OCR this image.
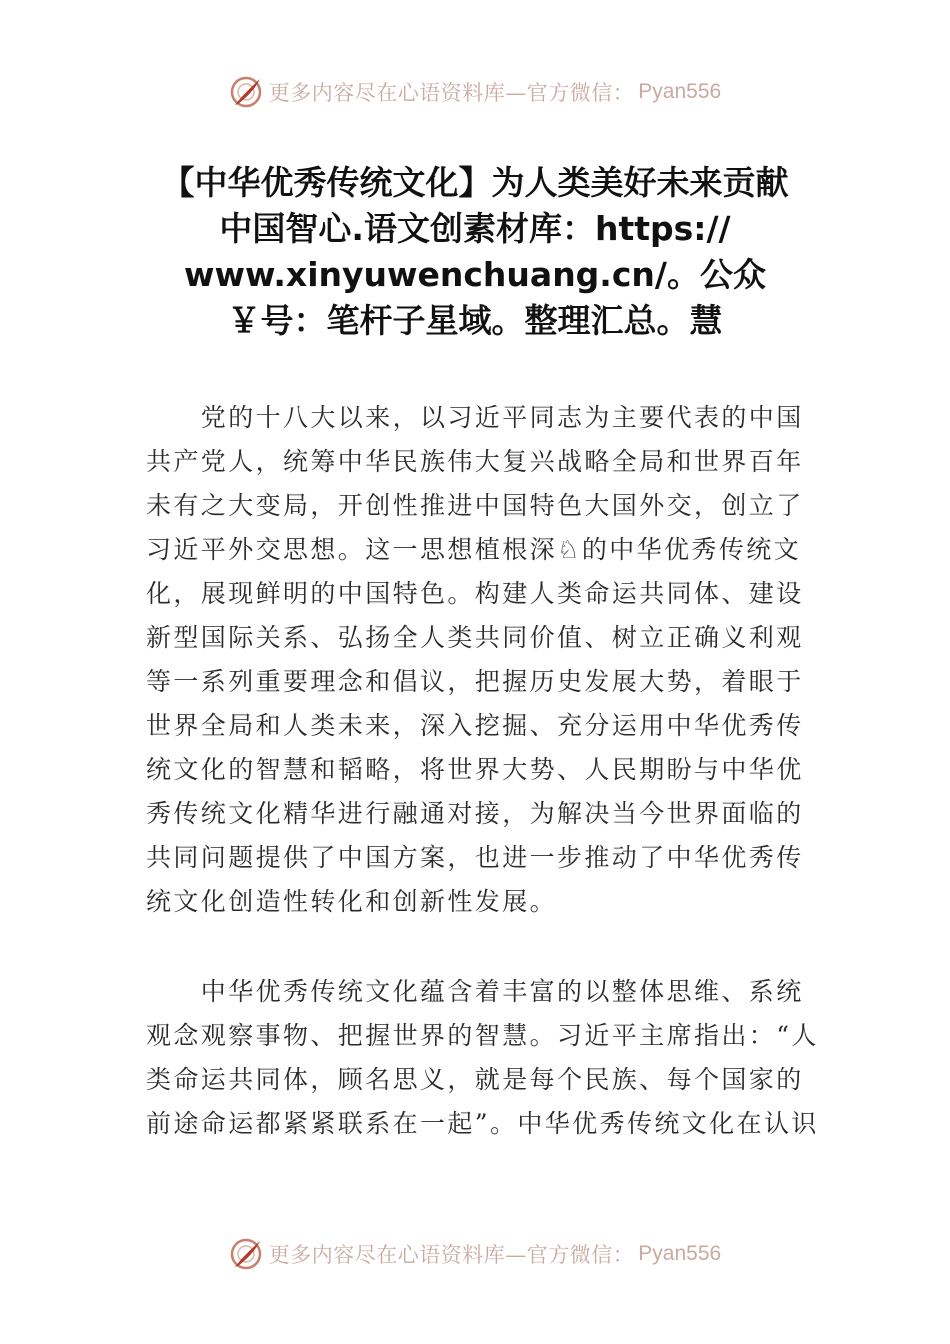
更多内容尽在心语资料库—官方微信： Pyan556
【中华优秀传统文化】为人类美好未来贡献
中国智心.语文创素材库：https://
www.xinyuwenchuang.cn/。公众
￥号：笔杆子星域。整理汇总。慧
　　党的十八大以来，以习近平同志为主要代表的中国
共产党人，统筹中华民族伟大复兴战略全局和世界百年
未有之大变局，开创性推进中国特色大国外交，创立了
习近平外交思想。这一思想植根深♘的中华优秀传统文
化，展现鲜明的中国特色。构建人类命运共同体、建设
新型国际关系、弘扬全人类共同价值、树立正确义利观
等一系列重要理念和倡议，把握历史发展大势，着眼于
世界全局和人类未来，深入挖掘、充分运用中华优秀传
统文化的智慧和韬略，将世界大势、人民期盼与中华优
秀传统文化精华进行融通对接，为解决当今世界面临的
共同问题提供了中国方案，也进一步推动了中华优秀传
统文化创造性转化和创新性发展。
　　中华优秀传统文化蕴含着丰富的以整体思维、系统
观念观察事物、把握世界的智慧。习近平主席指出：“人
类命运共同体，顾名思义，就是每个民族、每个国家的
前途命运都紧紧联系在一起”。中华优秀传统文化在认识
更多内容尽在心语资料库—官方微信： Pyan556
